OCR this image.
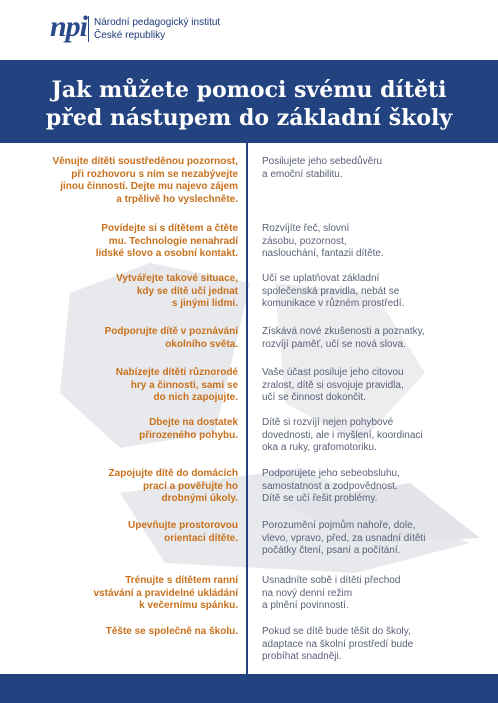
npi Národní pedagogický institut
České republiky
Jak můžete pomoci svému dítěti
před nástupem do základní školy
Věnujte dítěti soustředěnou pozornost,
při rozhovoru s ním se nezabývejte
jinou činností. Dejte mu najevo zájem
a trpělivě ho vyslechněte.
Posilujete jeho sebedůvěru
a emoční stabilitu.
Povídejte si s dítětem a čtěte
mu. Technologie nenahradí
lidské slovo a osobní kontakt.
Rozvíjíte řeč, slovní
zásobu, pozornost,
naslouchání, fantazii dítěte.
Vytvářejte takové situace,
kdy se dítě učí jednat
s jinými lidmi.
Učí se uplatňovat základní
společenská pravidla, nebát se
komunikace v různém prostředí.
Podporujte dítě v poznávání
okolního světa.
Získává nové zkušenosti a poznatky,
rozvíjí paměť, učí se nová slova.
Nabízejte dítěti různorodé
hry a činnosti, sami se
do nich zapojujte.
Vaše účast posiluje jeho citovou
zralost, dítě si osvojuje pravidla,
učí se činnost dokončit.
Dbejte na dostatek
přirozeného pohybu.
Dítě si rozvíjí nejen pohybové
dovednosti, ale i myšlení, koordinaci
oka a ruky, grafomotoriku.
Zapojujte dítě do domácích
prací a pověřujte ho
drobnými úkoly.
Podporujete jeho sebeobsluhu,
samostatnost a zodpovědnost.
Dítě se učí řešit problémy.
Upevňujte prostorovou
orientaci dítěte.
Porozumění pojmům nahoře, dole,
vlevo, vpravo, před, za usnadní dítěti
počátky čtení, psaní a počítání.
Trénujte s dítětem ranní
vstávání a pravidelné ukládání
k večernímu spánku.
Usnadníte sobě i dítěti přechod
na nový denní režim
a plnění povinností.
Těšte se společně na školu. Pokud se dítě bude těšit do školy,
adaptace na školní prostředí bude
probíhat snadněji.
